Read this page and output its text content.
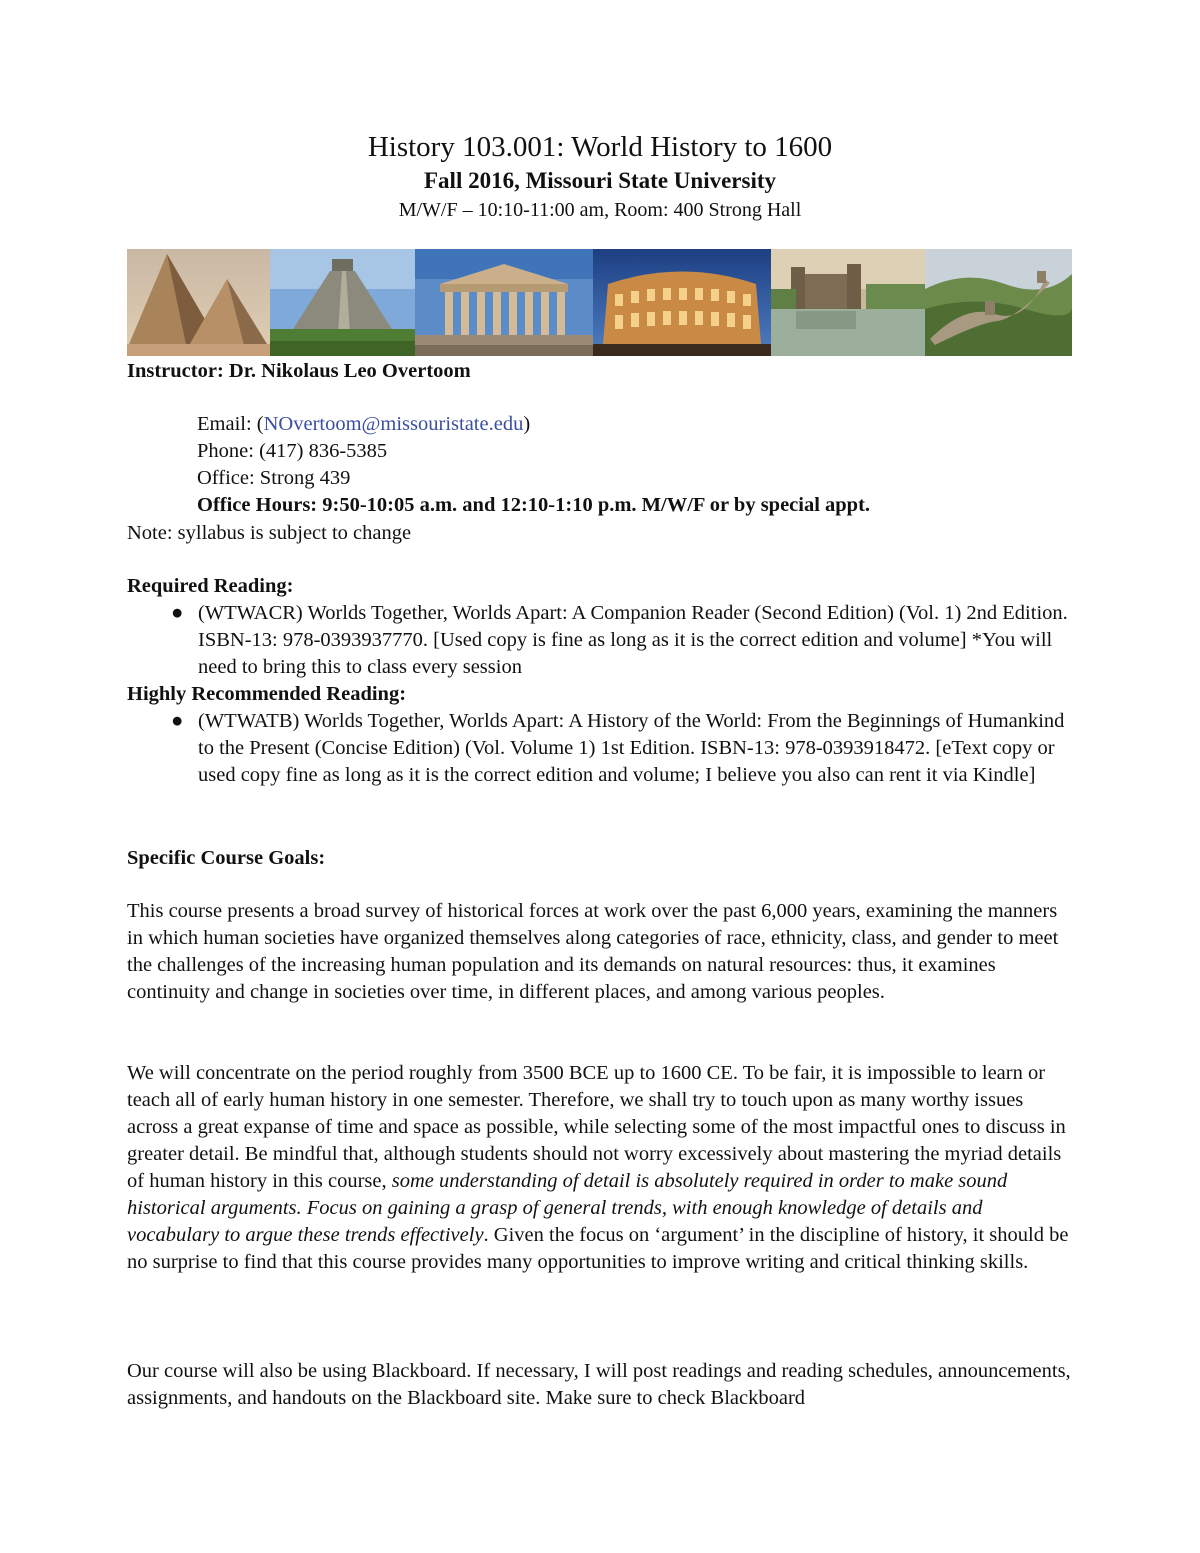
History 103.001: World History to 1600
Fall 2016, Missouri State University
M/W/F – 10:10-11:00 am, Room: 400 Strong Hall
Instructor: Dr. Nikolaus Leo Overtoom
Email: (NOvertoom@missouristate.edu)
Phone: (417) 836-5385
Office: Strong 439
Office Hours: 9:50-10:05 a.m. and 12:10-1:10 p.m. M/W/F or by special appt.
Note: syllabus is subject to change
Required Reading:
● (WTWACR) Worlds Together, Worlds Apart: A Companion Reader (Second Edition) (Vol. 1) 2nd Edition. ISBN-13: 978-0393937770. [Used copy is fine as long as it is the correct edition and volume] *You will need to bring this to class every session
Highly Recommended Reading:
● (WTWATB) Worlds Together, Worlds Apart: A History of the World: From the Beginnings of Humankind to the Present (Concise Edition) (Vol. Volume 1) 1st Edition. ISBN-13: 978-0393918472. [eText copy or used copy fine as long as it is the correct edition and volume; I believe you also can rent it via Kindle]
Specific Course Goals:

This course presents a broad survey of historical forces at work over the past 6,000 years, examining the manners in which human societies have organized themselves along categories of race, ethnicity, class, and gender to meet the challenges of the increasing human population and its demands on natural resources: thus, it examines continuity and change in societies over time, in different places, and among various peoples.

We will concentrate on the period roughly from 3500 BCE up to 1600 CE. To be fair, it is impossible to learn or teach all of early human history in one semester. Therefore, we shall try to touch upon as many worthy issues across a great expanse of time and space as possible, while selecting some of the most impactful ones to discuss in greater detail. Be mindful that, although students should not worry excessively about mastering the myriad details of human history in this course, some understanding of detail is absolutely required in order to make sound historical arguments. Focus on gaining a grasp of general trends, with enough knowledge of details and vocabulary to argue these trends effectively. Given the focus on ‘argument’ in the discipline of history, it should be no surprise to find that this course provides many opportunities to improve writing and critical thinking skills.

Our course will also be using Blackboard. If necessary, I will post readings and reading schedules, announcements, assignments, and handouts on the Blackboard site. Make sure to check Blackboard
